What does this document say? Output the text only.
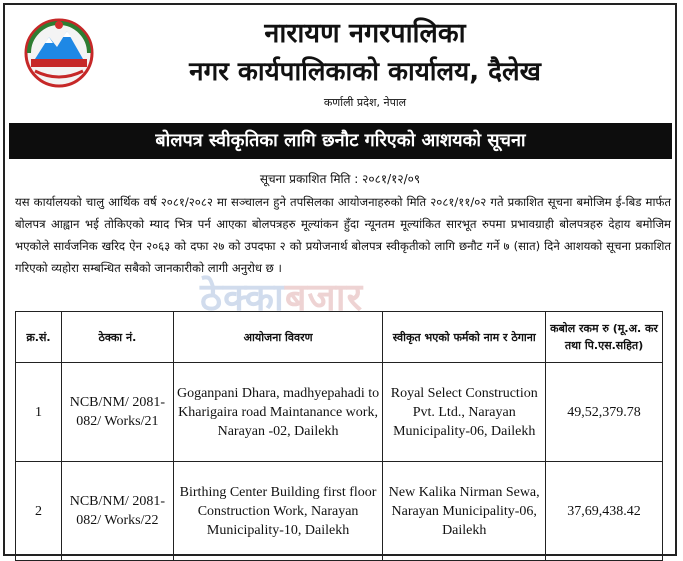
नारायण नगरपालिका
नगर कार्यपालिकाको कार्यालय, दैलेख
कर्णाली प्रदेश, नेपाल
बोलपत्र स्वीकृतिका लागि छनौट गरिएको आशयको सूचना
सूचना प्रकाशित मिति : २०८१/१२/०९
यस कार्यालयको चालु आर्थिक वर्ष २०८१/२०८२ मा सञ्चालन हुने तपसिलका आयोजनाहरुको मिति २०८१/११/०२ गते प्रकाशित सूचना बमोजिम ई-बिड मार्फत बोलपत्र आह्वान भई तोकिएको म्याद भित्र पर्न आएका बोलपत्रहरु मूल्यांकन हुँदा न्यूनतम मूल्यांकित सारभूत रुपमा प्रभावग्राही बोलपत्रहरु देहाय बमोजिम भएकोले सार्वजनिक खरिद ऐन २०६३ को दफा २७ को उपदफा २ को प्रयोजनार्थ बोलपत्र स्वीकृतीको लागि छनौट गर्ने ७ (सात) दिने आशयको सूचना प्रकाशित गरिएको व्यहोरा सम्बन्धित सबैको जानकारीको लागी अनुरोध छ ।
ठेक्काबजार
क्र.सं.	ठेक्का नं.	आयोजना विवरण	स्वीकृत भएको फर्मको नाम र ठेगाना	कबोल रकम रु (मू.अ. कर तथा पि.एस.सहित)
1	NCB/NM/ 2081-082/ Works/21	Goganpani Dhara, madhyepahadi to Kharigaira road Maintanance work, Narayan -02, Dailekh	Royal Select Construction Pvt. Ltd., Narayan Municipality-06, Dailekh	49,52,379.78
2	NCB/NM/ 2081-082/ Works/22	Birthing Center Building first floor Construction Work, Narayan Municipality-10, Dailekh	New Kalika Nirman Sewa, Narayan Municipality-06, Dailekh	37,69,438.42
